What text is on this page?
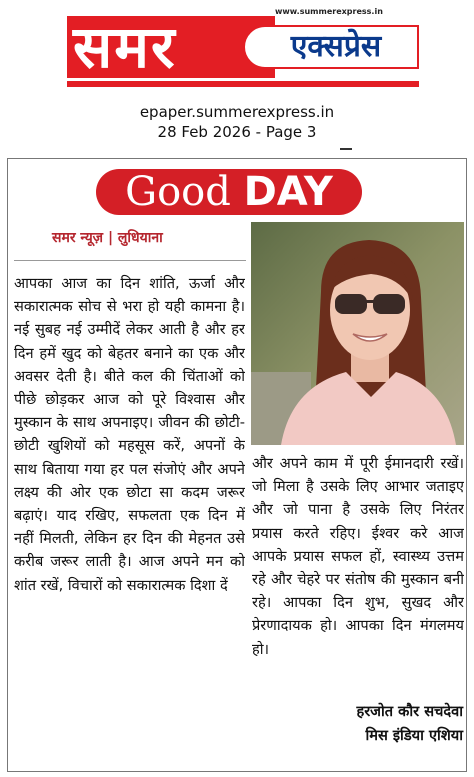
www.summerexpress.in
समर	एक्सप्रेस
epaper.summerexpress.in
28 Feb 2026 - Page 3
Good DAY
समर न्यूज़ | लुधियाना

आपका आज का दिन शांति, ऊर्जा और सकारात्मक सोच से भरा हो यही कामना है। नई सुबह नई उम्मीदें लेकर आती है और हर दिन हमें खुद को बेहतर बनाने का एक और अवसर देती है। बीते कल की चिंताओं को पीछे छोड़कर आज को पूरे विश्वास और मुस्कान के साथ अपनाइए। जीवन की छोटी-छोटी खुशियों को महसूस करें, अपनों के साथ बिताया गया हर पल संजोएं और अपने लक्ष्य की ओर एक छोटा सा कदम जरूर बढ़ाएं। याद रखिए, सफलता एक दिन में नहीं मिलती, लेकिन हर दिन की मेहनत उसे करीब जरूर लाती है। आज अपने मन को शांत रखें, विचारों को सकारात्मक दिशा दें

और अपने काम में पूरी ईमानदारी रखें। जो मिला है उसके लिए आभार जताइए और जो पाना है उसके लिए निरंतर प्रयास करते रहिए। ईश्वर करे आज आपके प्रयास सफल हों, स्वास्थ्य उत्तम रहे और चेहरे पर संतोष की मुस्कान बनी रहे। आपका दिन शुभ, सुखद और प्रेरणादायक हो। आपका दिन मंगलमय हो।

हरजोत कौर सचदेवा
मिस इंडिया एशिया
